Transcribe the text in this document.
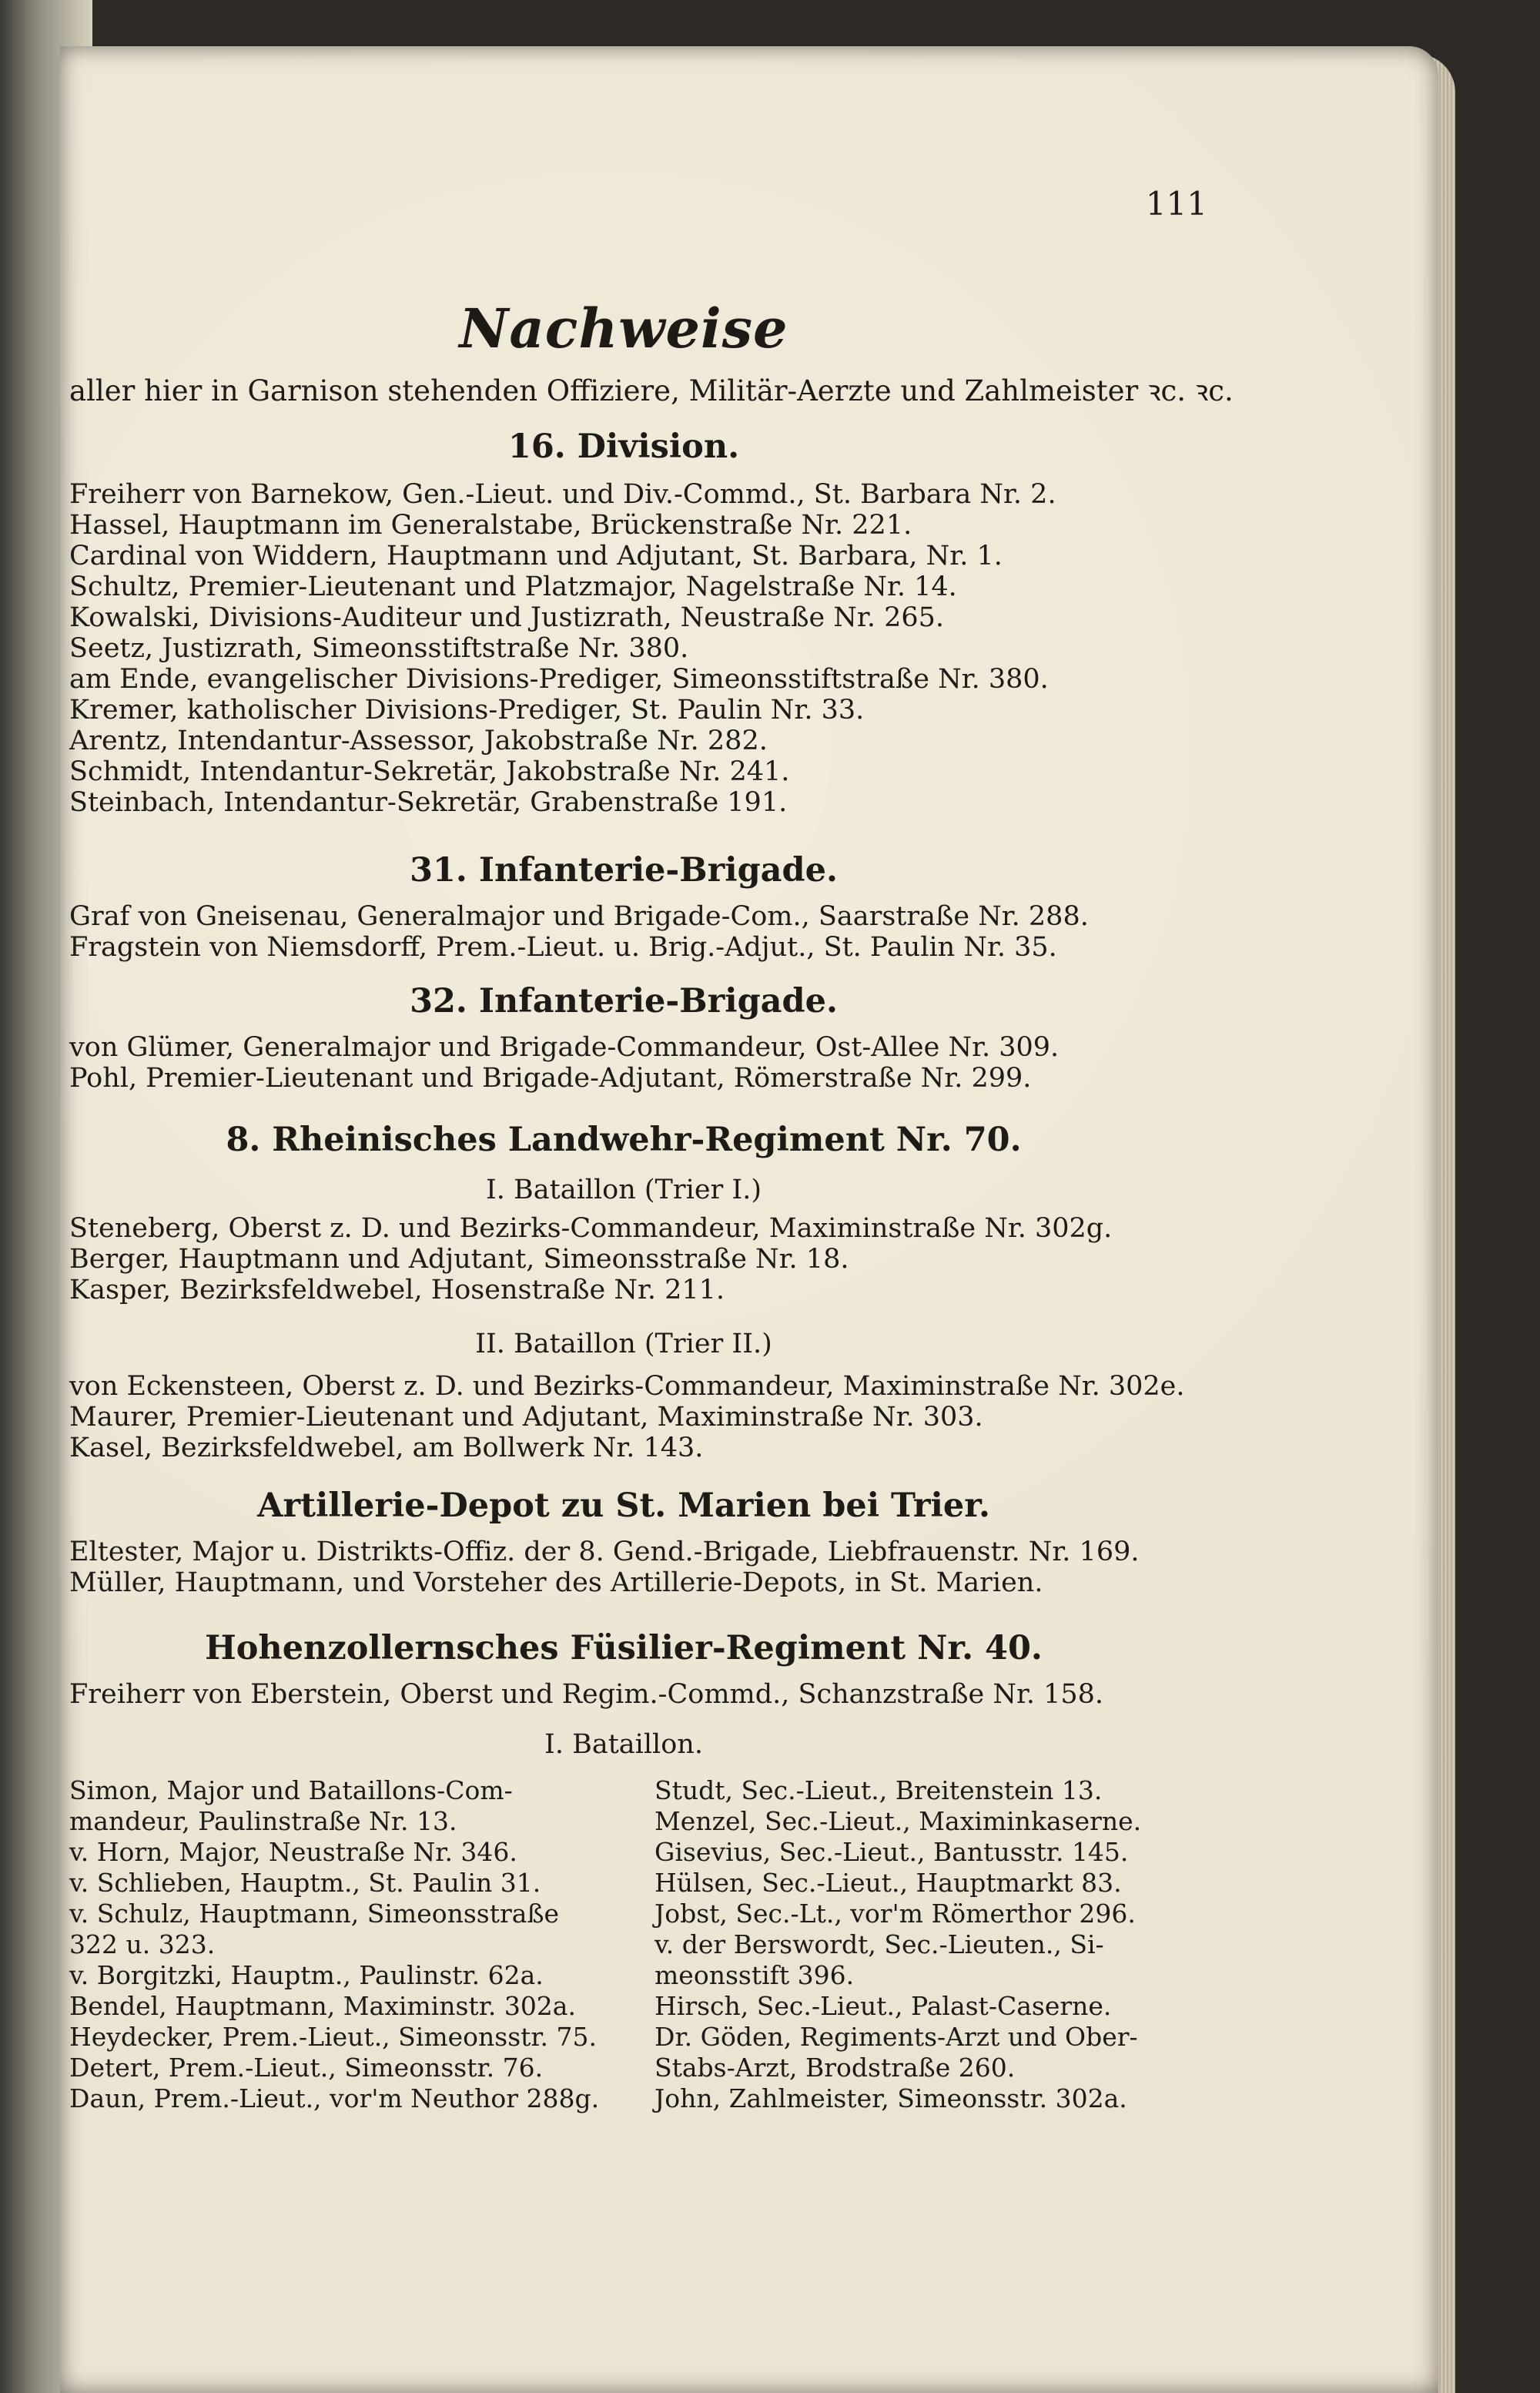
111
Nachweise
aller hier in Garnison stehenden Offiziere, Militär-Aerzte und Zahlmeister ꝛc. ꝛc.
16. Division.
Freiherr von Barnekow, Gen.-Lieut. und Div.-Commd., St. Barbara Nr. 2.
Hassel, Hauptmann im Generalstabe, Brückenstraße Nr. 221.
Cardinal von Widdern, Hauptmann und Adjutant, St. Barbara, Nr. 1.
Schultz, Premier-Lieutenant und Platzmajor, Nagelstraße Nr. 14.
Kowalski, Divisions-Auditeur und Justizrath, Neustraße Nr. 265.
Seetz, Justizrath, Simeonsstiftstraße Nr. 380.
am Ende, evangelischer Divisions-Prediger, Simeonsstiftstraße Nr. 380.
Kremer, katholischer Divisions-Prediger, St. Paulin Nr. 33.
Arentz, Intendantur-Assessor, Jakobstraße Nr. 282.
Schmidt, Intendantur-Sekretär, Jakobstraße Nr. 241.
Steinbach, Intendantur-Sekretär, Grabenstraße 191.
31. Infanterie-Brigade.
Graf von Gneisenau, Generalmajor und Brigade-Com., Saarstraße Nr. 288.
Fragstein von Niemsdorff, Prem.-Lieut. u. Brig.-Adjut., St. Paulin Nr. 35.
32. Infanterie-Brigade.
von Glümer, Generalmajor und Brigade-Commandeur, Ost-Allee Nr. 309.
Pohl, Premier-Lieutenant und Brigade-Adjutant, Römerstraße Nr. 299.
8. Rheinisches Landwehr-Regiment Nr. 70.
I. Bataillon (Trier I.)
Steneberg, Oberst z. D. und Bezirks-Commandeur, Maximinstraße Nr. 302g.
Berger, Hauptmann und Adjutant, Simeonsstraße Nr. 18.
Kasper, Bezirksfeldwebel, Hosenstraße Nr. 211.
II. Bataillon (Trier II.)
von Eckensteen, Oberst z. D. und Bezirks-Commandeur, Maximinstraße Nr. 302e.
Maurer, Premier-Lieutenant und Adjutant, Maximinstraße Nr. 303.
Kasel, Bezirksfeldwebel, am Bollwerk Nr. 143.
Artillerie-Depot zu St. Marien bei Trier.
Eltester, Major u. Distrikts-Offiz. der 8. Gend.-Brigade, Liebfrauenstr. Nr. 169.
Müller, Hauptmann, und Vorsteher des Artillerie-Depots, in St. Marien.
Hohenzollernsches Füsilier-Regiment Nr. 40.
Freiherr von Eberstein, Oberst und Regim.-Commd., Schanzstraße Nr. 158.
I. Bataillon.
Simon, Major und Bataillons-Com-
mandeur, Paulinstraße Nr. 13.
v. Horn, Major, Neustraße Nr. 346.
v. Schlieben, Hauptm., St. Paulin 31.
v. Schulz, Hauptmann, Simeonsstraße
322 u. 323.
v. Borgitzki, Hauptm., Paulinstr. 62a.
Bendel, Hauptmann, Maximinstr. 302a.
Heydecker, Prem.-Lieut., Simeonsstr. 75.
Detert, Prem.-Lieut., Simeonsstr. 76.
Daun, Prem.-Lieut., vor'm Neuthor 288g.
Studt, Sec.-Lieut., Breitenstein 13.
Menzel, Sec.-Lieut., Maximinkaserne.
Gisevius, Sec.-Lieut., Bantusstr. 145.
Hülsen, Sec.-Lieut., Hauptmarkt 83.
Jobst, Sec.-Lt., vor'm Römerthor 296.
v. der Berswordt, Sec.-Lieuten., Si-
meonsstift 396.
Hirsch, Sec.-Lieut., Palast-Caserne.
Dr. Göden, Regiments-Arzt und Ober-
Stabs-Arzt, Brodstraße 260.
John, Zahlmeister, Simeonsstr. 302a.
